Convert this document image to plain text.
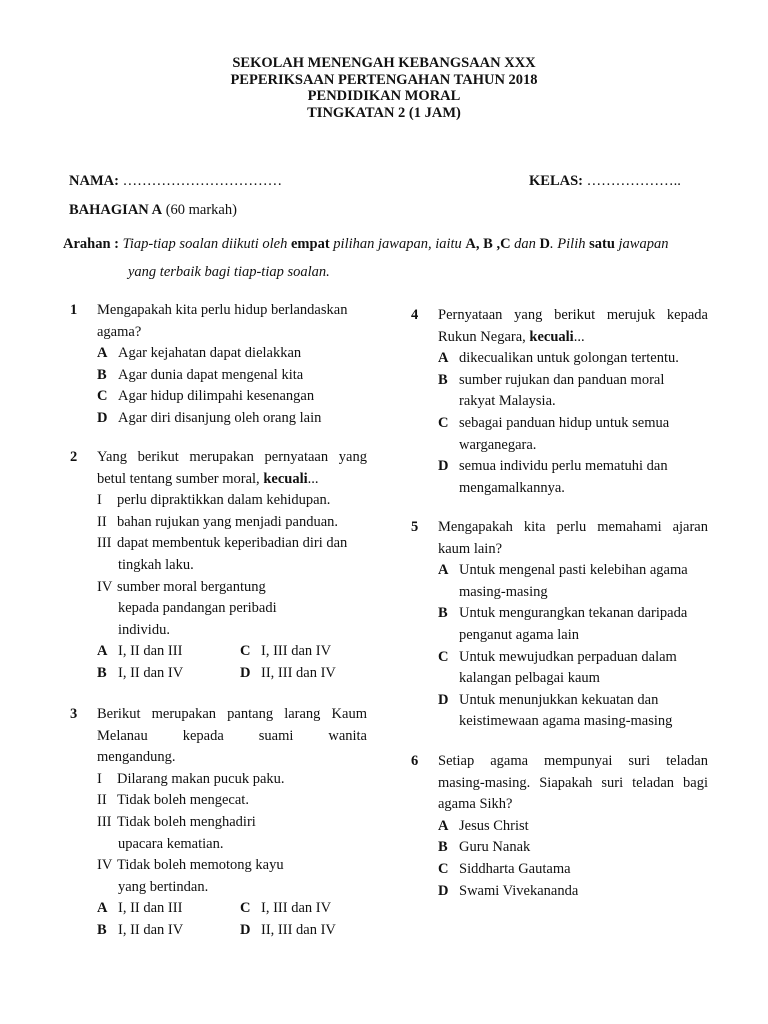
SEKOLAH MENENGAH KEBANGSAAN XXX
PEPERIKSAAN PERTENGAHAN TAHUN 2018
PENDIDIKAN MORAL
TINGKATAN 2 (1 JAM)
NAMA: ……………………………	KELAS: ………………..
BAHAGIAN A (60 markah)
Arahan : Tiap-tiap soalan diikuti oleh empat pilihan jawapan, iaitu A, B ,C dan D. Pilih satu jawapan
yang terbaik bagi tiap-tiap soalan.
1 Mengapakah kita perlu hidup berlandaskan
agama?
A Agar kejahatan dapat dielakkan
B Agar dunia dapat mengenal kita
C Agar hidup dilimpahi kesenangan
D Agar diri disanjung oleh orang lain
2 Yang berikut merupakan pernyataan yang
betul tentang sumber moral, kecuali...
I	perlu dipraktikkan dalam kehidupan.
II bahan rujukan yang menjadi panduan.
III dapat membentuk keperibadian diri dan
tingkah laku.
IV sumber moral bergantung
kepada pandangan peribadi
individu.
A I, II dan III	C I, III dan IV
B I, II dan IV	D II, III dan IV
3 Berikut merupakan pantang larang Kaum
Melanau kepada suami wanita
mengandung.
I	Dilarang makan pucuk paku.
II Tidak boleh mengecat.
III Tidak boleh menghadiri
upacara kematian.
IV Tidak boleh memotong kayu
yang bertindan.
A I, II dan III	C I, III dan IV
B I, II dan IV	D II, III dan IV
4 Pernyataan yang berikut merujuk kepada
Rukun Negara, kecuali...
A dikecualikan untuk golongan tertentu.
B sumber rujukan dan panduan moral
rakyat Malaysia.
C sebagai panduan hidup untuk semua
warganegara.
D semua individu perlu mematuhi dan
mengamalkannya.
5 Mengapakah kita perlu memahami ajaran
kaum lain?
A Untuk mengenal pasti kelebihan agama
masing-masing
B Untuk mengurangkan tekanan daripada
penganut agama lain
C Untuk mewujudkan perpaduan dalam
kalangan pelbagai kaum
D Untuk menunjukkan kekuatan dan
keistimewaan agama masing-masing
6 Setiap agama mempunyai suri teladan
masing-masing. Siapakah suri teladan bagi
agama Sikh?
A Jesus Christ
B Guru Nanak
C Siddharta Gautama
D Swami Vivekananda
